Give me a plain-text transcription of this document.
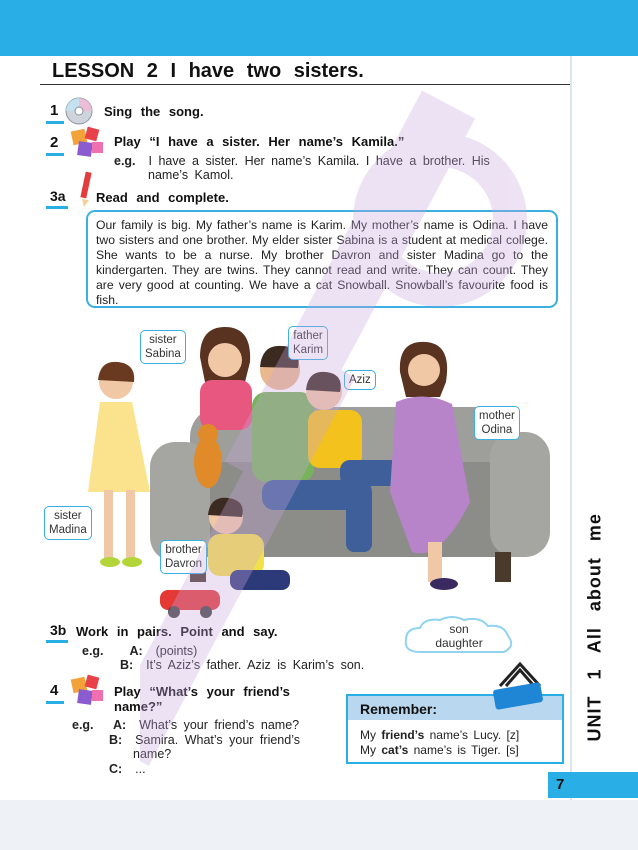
UNIT 1 All about me
LESSON 2 I have two sisters.
1	Sing the song.
2	Play “I have a sister. Her name’s Kamila.”
e.g. I have a sister. Her name’s Kamila. I have a brother. His
name’s Kamol.
3a Read and complete.
Our family is big. My father’s name is Karim. My mother’s name is Odina. I have two sisters and one brother. My elder sister Sabina is a student at medical college. She wants to be a nurse. My brother Davron and sister Madina go to the kindergarten. They are twins. They cannot read and write. They can count. They are very good at counting. We have a cat Snowball. Snowball’s favourite food is fish.
sister
Sabina
father
Karim
Aziz
mother
Odina
sister
Madina
brother
Davron
3b Work in pairs. Point and say.
e.g. A: (points)
B: It’s Aziz’s father. Aziz is Karim’s son.
son
daughter
4	Play “What’s your friend’s
name?”
e.g. A: What’s your friend’s name?
B: Samira. What’s your friend’s
name?
C: ...
Remember:
My friend’s name’s Lucy. [z]
My cat’s name’s is Tiger. [s]
7
